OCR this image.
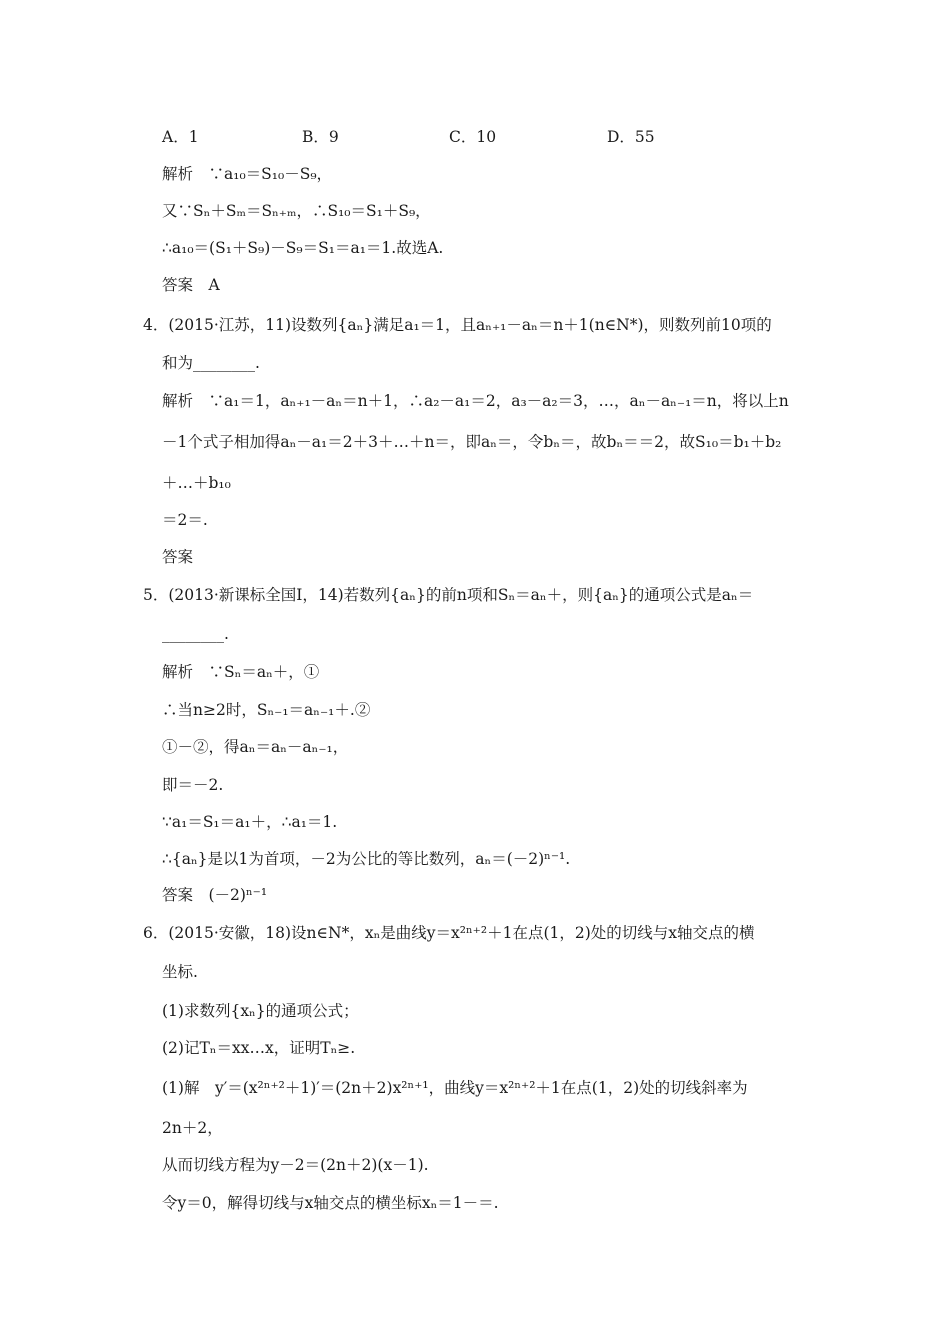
A．1	B．9	C．10	D．55
解析　∵a₁₀＝S₁₀－S₉，
又∵Sₙ＋Sₘ＝Sₙ₊ₘ，∴S₁₀＝S₁＋S₉，
∴a₁₀＝(S₁＋S₉)－S₉＝S₁＝a₁＝1.故选A.
答案　A
4．(2015·江苏，11)设数列{aₙ}满足a₁＝1，且aₙ₊₁－aₙ＝n＋1(n∈N*)，则数列前10项的
和为________.
解析　∵a₁＝1，aₙ₊₁－aₙ＝n＋1，∴a₂－a₁＝2，a₃－a₂＝3，…，aₙ－aₙ₋₁＝n，将以上n
－1个式子相加得aₙ－a₁＝2＋3＋…＋n＝，即aₙ＝，令bₙ＝，故bₙ＝＝2，故S₁₀＝b₁＋b₂
＋…＋b₁₀
＝2＝.
答案
5．(2013·新课标全国Ⅰ，14)若数列{aₙ}的前n项和Sₙ＝aₙ＋，则{aₙ}的通项公式是aₙ＝
________.
解析　∵Sₙ＝aₙ＋，①
∴当n≥2时，Sₙ₋₁＝aₙ₋₁＋.②
①－②，得aₙ＝aₙ－aₙ₋₁，
即＝－2.
∵a₁＝S₁＝a₁＋，∴a₁＝1.
∴{aₙ}是以1为首项，－2为公比的等比数列，aₙ＝(－2)ⁿ⁻¹.
答案　(－2)ⁿ⁻¹
6．(2015·安徽，18)设n∈N*，xₙ是曲线y＝x²ⁿ⁺²＋1在点(1，2)处的切线与x轴交点的横
坐标.
(1)求数列{xₙ}的通项公式；
(2)记Tₙ＝xx…x，证明Tₙ≥.
(1)解　y′＝(x²ⁿ⁺²＋1)′＝(2n＋2)x²ⁿ⁺¹，曲线y＝x²ⁿ⁺²＋1在点(1，2)处的切线斜率为
2n＋2，
从而切线方程为y－2＝(2n＋2)(x－1).
令y＝0，解得切线与x轴交点的横坐标xₙ＝1－＝.
